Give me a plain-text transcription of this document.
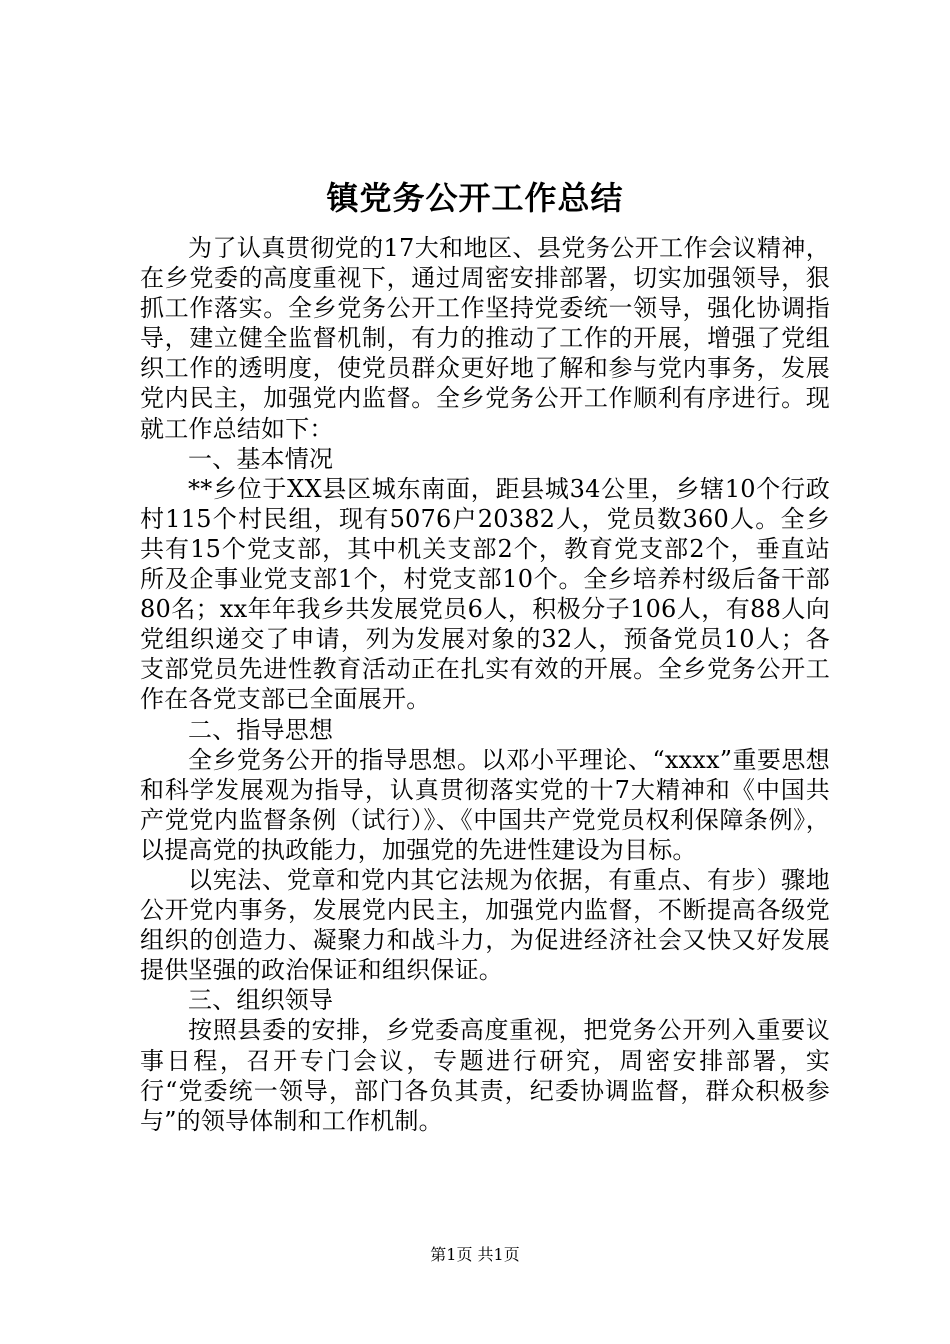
镇党务公开工作总结

为了认真贯彻党的17大和地区、县党务公开工作会议精神，在乡党委的高度重视下，通过周密安排部署，切实加强领导，狠抓工作落实。全乡党务公开工作坚持党委统一领导，强化协调指导，建立健全监督机制，有力的推动了工作的开展，增强了党组织工作的透明度，使党员群众更好地了解和参与党内事务，发展党内民主，加强党内监督。全乡党务公开工作顺利有序进行。现就工作总结如下：

一、基本情况

**乡位于XX县区城东南面，距县城34公里，乡辖10个行政村115个村民组，现有5076户20382人，党员数360人。全乡共有15个党支部，其中机关支部2个，教育党支部2个，垂直站所及企事业党支部1个，村党支部10个。全乡培养村级后备干部80名；xx年年我乡共发展党员6人，积极分子106人，有88人向党组织递交了申请，列为发展对象的32人，预备党员10人；各支部党员先进性教育活动正在扎实有效的开展。全乡党务公开工作在各党支部已全面展开。

二、指导思想

全乡党务公开的指导思想。以邓小平理论、“xxxx”重要思想和科学发展观为指导，认真贯彻落实党的十7大精神和《中国共产党党内监督条例（试行）》、《中国共产党党员权利保障条例》，以提高党的执政能力，加强党的先进性建设为目标。

以宪法、党章和党内其它法规为依据，有重点、有步）骤地公开党内事务，发展党内民主，加强党内监督，不断提高各级党组织的创造力、凝聚力和战斗力，为促进经济社会又快又好发展提供坚强的政治保证和组织保证。

三、组织领导

按照县委的安排，乡党委高度重视，把党务公开列入重要议事日程，召开专门会议，专题进行研究，周密安排部署，实行“党委统一领导，部门各负其责，纪委协调监督，群众积极参与”的领导体制和工作机制。

第1页 共1页
